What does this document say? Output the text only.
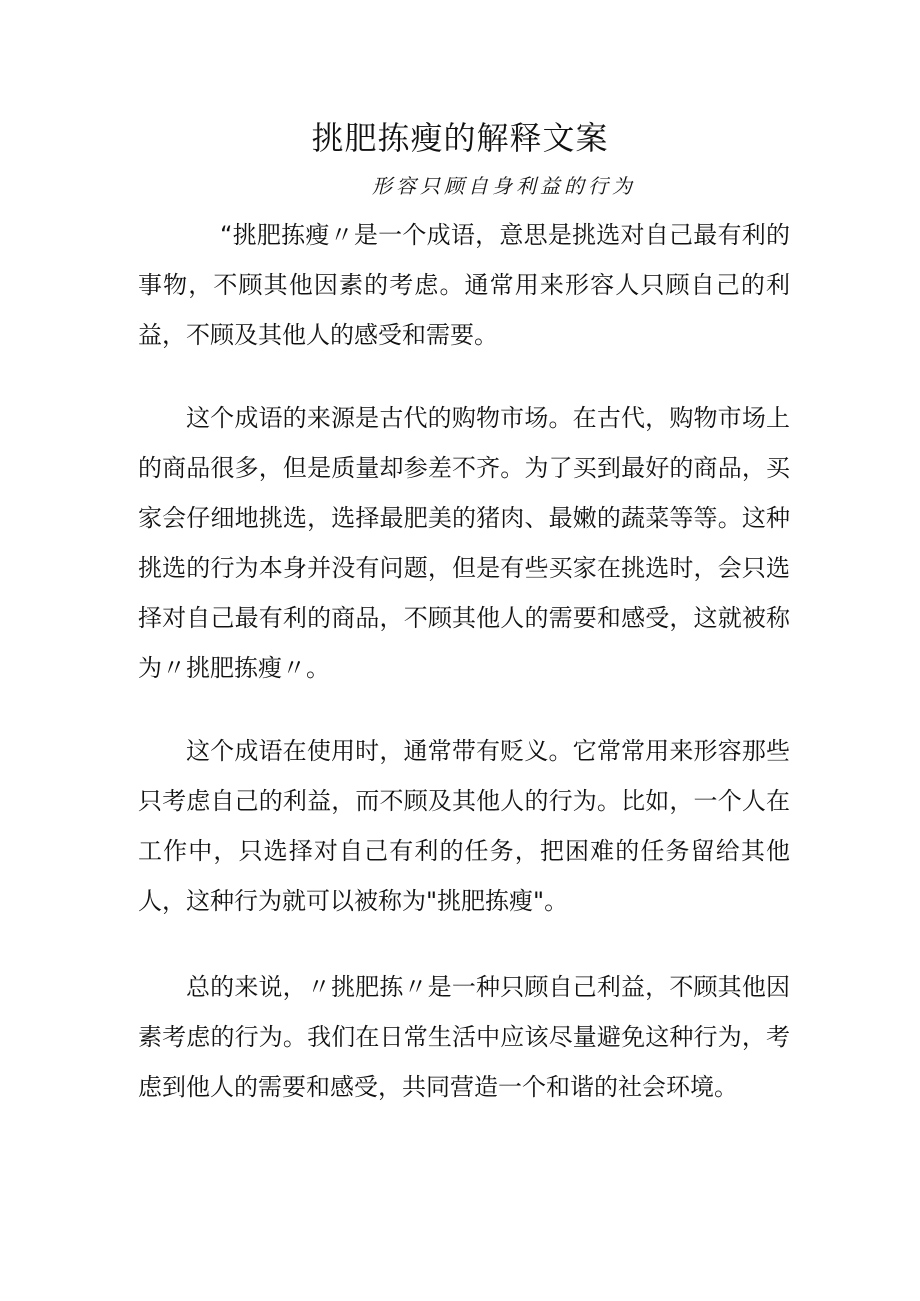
挑肥拣瘦的解释文案

形容只顾自身利益的行为

“挑肥拣瘦〃是一个成语，意思是挑选对自己最有利的事物，不顾其他因素的考虑。通常用来形容人只顾自己的利益，不顾及其他人的感受和需要。

这个成语的来源是古代的购物市场。在古代，购物市场上的商品很多，但是质量却参差不齐。为了买到最好的商品，买家会仔细地挑选，选择最肥美的猪肉、最嫩的蔬菜等等。这种挑选的行为本身并没有问题，但是有些买家在挑选时，会只选择对自己最有利的商品，不顾其他人的需要和感受，这就被称为〃挑肥拣瘦〃。

这个成语在使用时，通常带有贬义。它常常用来形容那些只考虑自己的利益，而不顾及其他人的行为。比如，一个人在工作中，只选择对自己有利的任务，把困难的任务留给其他人，这种行为就可以被称为"挑肥拣瘦"。

总的来说，〃挑肥拣〃是一种只顾自己利益，不顾其他因素考虑的行为。我们在日常生活中应该尽量避免这种行为，考虑到他人的需要和感受，共同营造一个和谐的社会环境。
